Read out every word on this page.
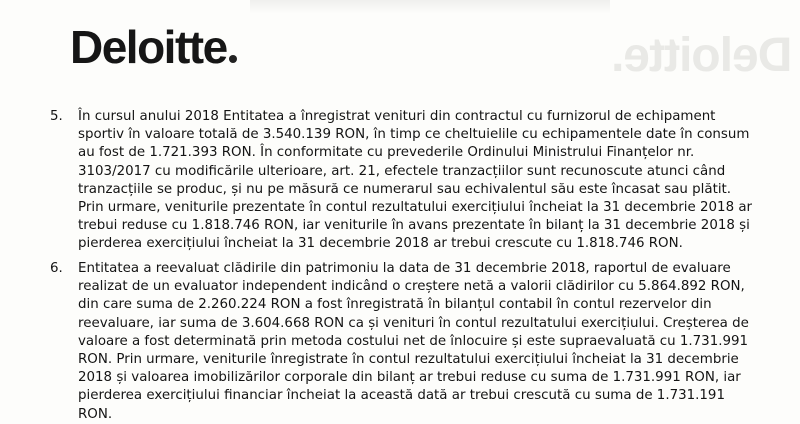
Deloitte.
Deloitte
5.	În cursul anului 2018 Entitatea a înregistrat venituri din contractul cu furnizorul de echipament
sportiv în valoare totală de 3.540.139 RON, în timp ce cheltuielile cu echipamentele date în consum
au fost de 1.721.393 RON. În conformitate cu prevederile Ordinului Ministrului Finanțelor nr.
3103/2017 cu modificările ulterioare, art. 21, efectele tranzacțiilor sunt recunoscute atunci când
tranzacțiile se produc, și nu pe măsură ce numerarul sau echivalentul său este încasat sau plătit.
Prin urmare, veniturile prezentate în contul rezultatului exercițiului încheiat la 31 decembrie 2018 ar
trebui reduse cu 1.818.746 RON, iar veniturile în avans prezentate în bilanț la 31 decembrie 2018 și
pierderea exercițiului încheiat la 31 decembrie 2018 ar trebui crescute cu 1.818.746 RON.
6.	Entitatea a reevaluat clădirile din patrimoniu la data de 31 decembrie 2018, raportul de evaluare
realizat de un evaluator independent indicând o creștere netă a valorii clădirilor cu 5.864.892 RON,
din care suma de 2.260.224 RON a fost înregistrată în bilanțul contabil în contul rezervelor din
reevaluare, iar suma de 3.604.668 RON ca și venituri în contul rezultatului exercițiului. Creșterea de
valoare a fost determinată prin metoda costului net de înlocuire și este supraevaluată cu 1.731.991
RON. Prin urmare, veniturile înregistrate în contul rezultatului exercițiului încheiat la 31 decembrie
2018 și valoarea imobilizărilor corporale din bilanț ar trebui reduse cu suma de 1.731.991 RON, iar
pierderea exercițiului financiar încheiat la această dată ar trebui crescută cu suma de 1.731.191
RON.
